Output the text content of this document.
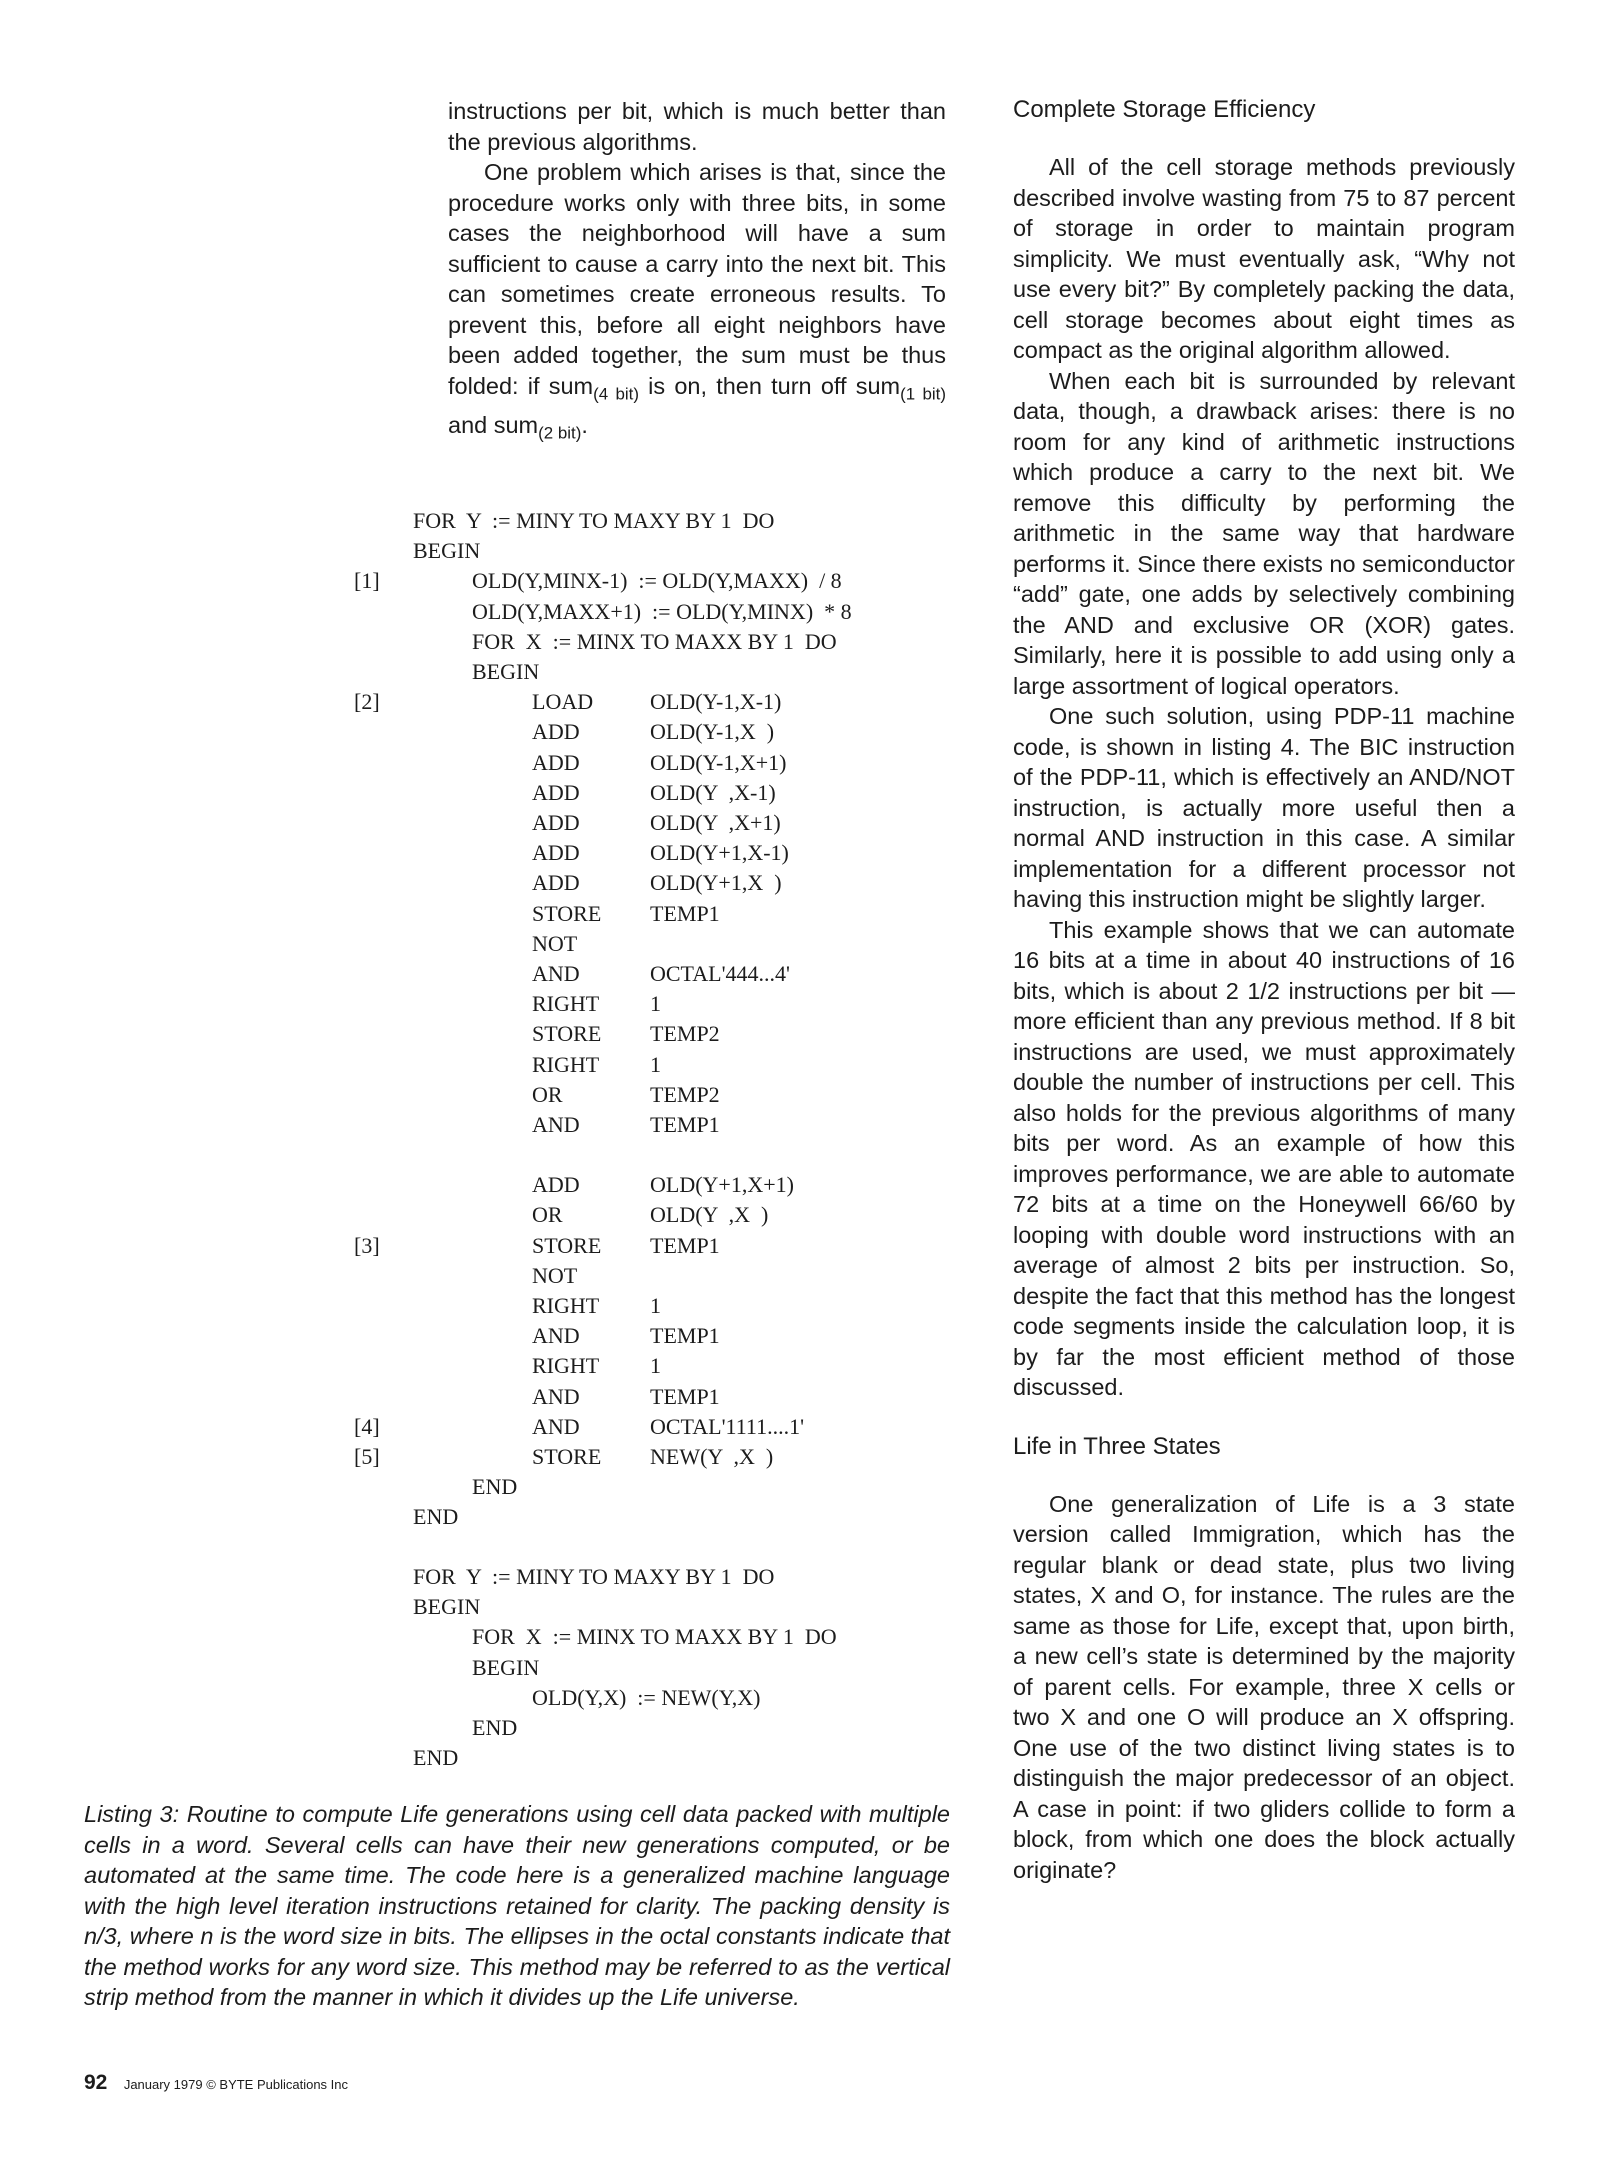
instructions per bit, which is much better than the previous algorithms.

One problem which arises is that, since the procedure works only with three bits, in some cases the neighborhood will have a sum sufficient to cause a carry into the next bit. This can sometimes create erroneous results. To prevent this, before all eight neighbors have been added together, the sum must be thus folded: if sum$_{(4 bit)}$ is on, then turn off sum$_{(1 bit)}$ and sum$_{(2 bit)}$.

FOR  Y  := MINY TO MAXY BY 1  DO
BEGIN
[1]	OLD(Y,MINX-1)  := OLD(Y,MAXX)  / 8
OLD(Y,MAXX+1)  := OLD(Y,MINX)  * 8
FOR  X  := MINX TO MAXX BY 1  DO
BEGIN
[2]	LOAD	OLD(Y-1,X-1)
ADD	OLD(Y-1,X  )
ADD	OLD(Y-1,X+1)
ADD	OLD(Y  ,X-1)
ADD	OLD(Y  ,X+1)
ADD	OLD(Y+1,X-1)
ADD	OLD(Y+1,X  )
STORE TEMP1
NOT
AND	OCTAL'444...4'
RIGHT 1
STORE TEMP2
RIGHT 1
OR	TEMP2
AND	TEMP1
ADD	OLD(Y+1,X+1)
OR	OLD(Y  ,X  )
[3]	STORE TEMP1
NOT
RIGHT 1
AND	TEMP1
RIGHT 1
AND	TEMP1
[4]	AND	OCTAL'1111....1'
[5]	STORE NEW(Y  ,X  )
END
END
FOR  Y  := MINY TO MAXY BY 1  DO
BEGIN
FOR  X  := MINX TO MAXX BY 1  DO
BEGIN
OLD(Y,X)  := NEW(Y,X)
END
END

Listing 3: Routine to compute Life generations using cell data packed with multiple cells in a word. Several cells can have their new generations computed, or be automated at the same time. The code here is a generalized machine language with the high level iteration instructions retained for clarity. The packing density is n/3, where n is the word size in bits. The ellipses in the octal constants indicate that the method works for any word size. This method may be referred to as the vertical strip method from the manner in which it divides up the Life universe.

Complete Storage Efficiency

All of the cell storage methods previously described involve wasting from 75 to 87 percent of storage in order to maintain program simplicity. We must eventually ask, “Why not use every bit?” By completely packing the data, cell storage becomes about eight times as compact as the original algorithm allowed.

When each bit is surrounded by relevant data, though, a drawback arises: there is no room for any kind of arithmetic instructions which produce a carry to the next bit. We remove this difficulty by performing the arithmetic in the same way that hardware performs it. Since there exists no semiconductor “add” gate, one adds by selectively combining the AND and exclusive OR (XOR) gates. Similarly, here it is possible to add using only a large assortment of logical operators.

One such solution, using PDP-11 machine code, is shown in listing 4. The BIC instruction of the PDP-11, which is effectively an AND/NOT instruction, is actually more useful then a normal AND instruction in this case. A similar implementation for a different processor not having this instruction might be slightly larger.

This example shows that we can automate 16 bits at a time in about 40 instructions of 16 bits, which is about 2 1/2 instructions per bit — more efficient than any previous method. If 8 bit instructions are used, we must approximately double the number of instructions per cell. This also holds for the previous algorithms of many bits per word. As an example of how this improves performance, we are able to automate 72 bits at a time on the Honeywell 66/60 by looping with double word instructions with an average of almost 2 bits per instruction. So, despite the fact that this method has the longest code segments inside the calculation loop, it is by far the most efficient method of those discussed.

Life in Three States

One generalization of Life is a 3 state version called Immigration, which has the regular blank or dead state, plus two living states, X and O, for instance. The rules are the same as those for Life, except that, upon birth, a new cell’s state is determined by the majority of parent cells. For example, three X cells or two X and one O will produce an X offspring. One use of the two distinct living states is to distinguish the major predecessor of an object. A case in point: if two gliders collide to form a block, from which one does the block actually originate?

92 January 1979 © BYTE Publications Inc
